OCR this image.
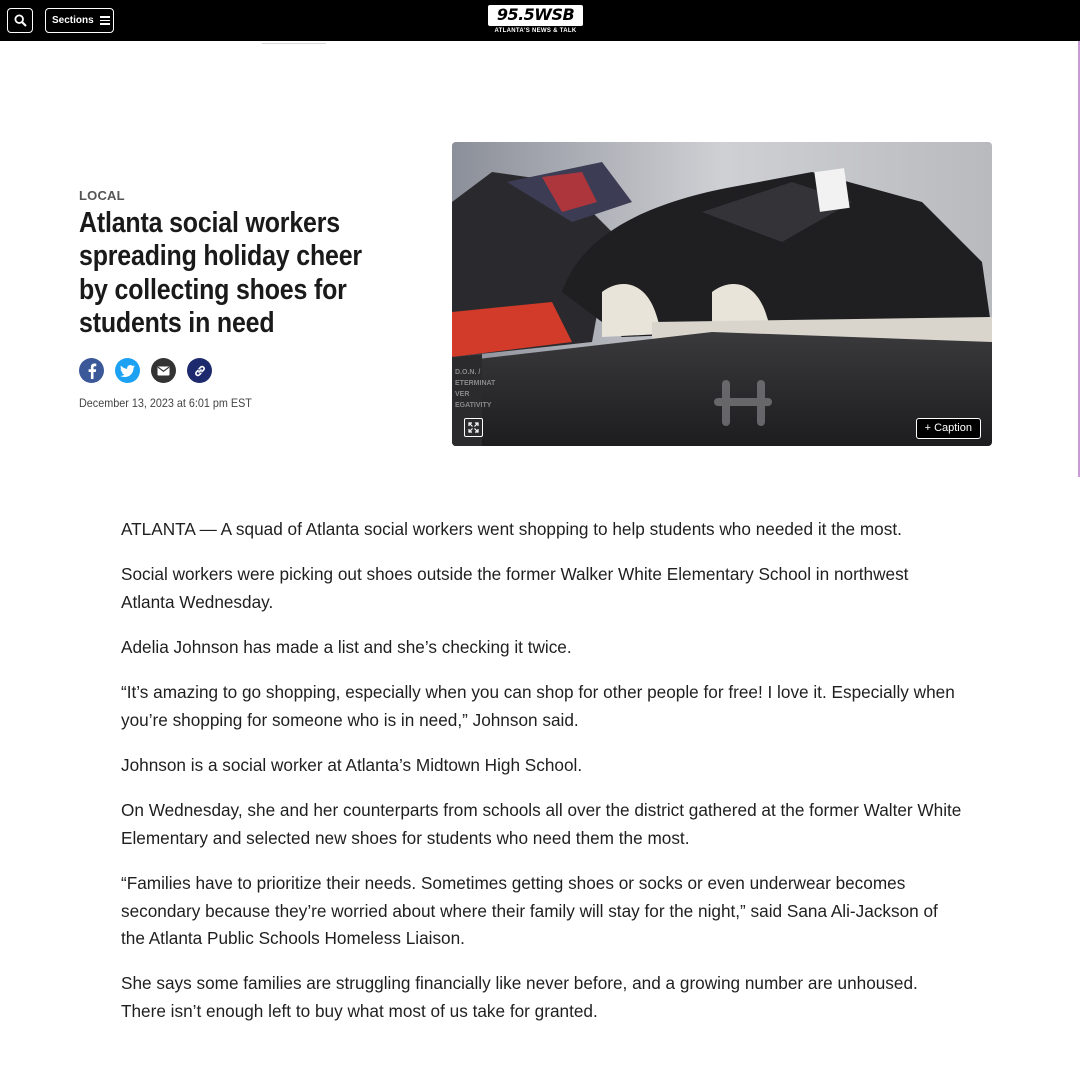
Sections	95.5WSB
ATLANTA'S NEWS & TALK
LOCAL
Atlanta social workers spreading holiday cheer by collecting shoes for students in need
December 13, 2023 at 6:01 pm EST
D.O.N. /
ETERMINAT
VER
EGATIVITY
+ Caption

ATLANTA — A squad of Atlanta social workers went shopping to help students who needed it the most.

Social workers were picking out shoes outside the former Walker White Elementary School in northwest Atlanta Wednesday.

Adelia Johnson has made a list and she’s checking it twice.

“It’s amazing to go shopping, especially when you can shop for other people for free! I love it. Especially when you’re shopping for someone who is in need,” Johnson said.

Johnson is a social worker at Atlanta’s Midtown High School.

On Wednesday, she and her counterparts from schools all over the district gathered at the former Walter White Elementary and selected new shoes for students who need them the most.

“Families have to prioritize their needs. Sometimes getting shoes or socks or even underwear becomes secondary because they’re worried about where their family will stay for the night,” said Sana Ali-Jackson of the Atlanta Public Schools Homeless Liaison.

She says some families are struggling financially like never before, and a growing number are unhoused. There isn’t enough left to buy what most of us take for granted.
